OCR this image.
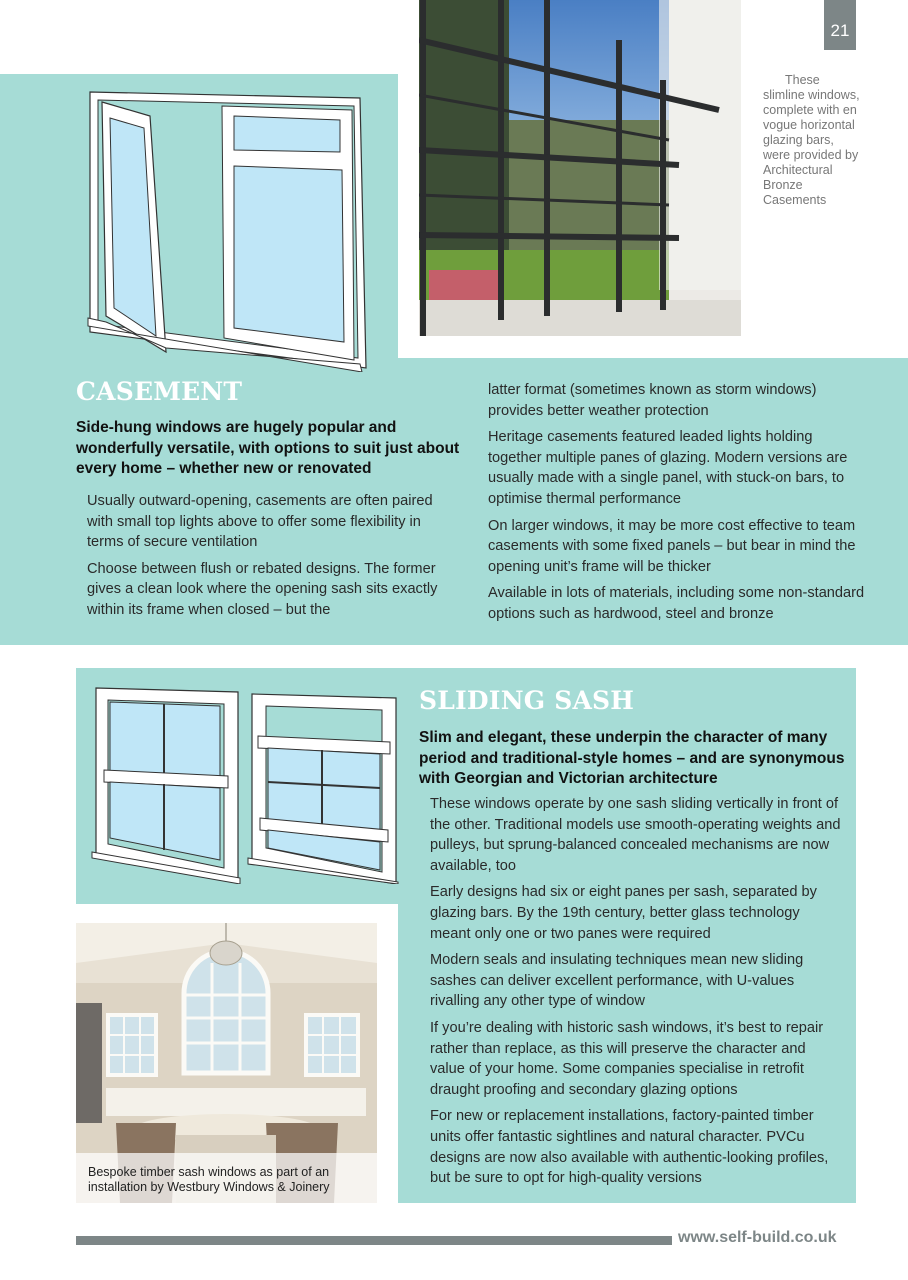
21
These slimline windows, complete with en vogue horizontal glazing bars, were provided by Architectural Bronze Casements
CASEMENT
Side-hung windows are hugely popular and wonderfully versatile, with options to suit just about every home – whether new or renovated

Usually outward-opening, casements are often paired with small top lights above to offer some flexibility in terms of secure ventilation

Choose between flush or rebated designs. The former gives a clean look where the opening sash sits exactly within its frame when closed – but the

latter format (sometimes known as storm windows) provides better weather protection

Heritage casements featured leaded lights holding together multiple panes of glazing. Modern versions are usually made with a single panel, with stuck-on bars, to optimise thermal performance

On larger windows, it may be more cost effective to team casements with some fixed panels – but bear in mind the opening unit’s frame will be thicker

Available in lots of materials, including some non-standard options such as hardwood, steel and bronze

SLIDING SASH
Slim and elegant, these underpin the character of many period and traditional-style homes – and are synonymous with Georgian and Victorian architecture

These windows operate by one sash sliding vertically in front of the other. Traditional models use smooth-operating weights and pulleys, but sprung-balanced concealed mechanisms are now available, too

Early designs had six or eight panes per sash, separated by glazing bars. By the 19th century, better glass technology meant only one or two panes were required

Modern seals and insulating techniques mean new sliding sashes can deliver excellent performance, with U-values rivalling any other type of window

If you’re dealing with historic sash windows, it’s best to repair rather than replace, as this will preserve the character and value of your home. Some companies specialise in retrofit draught proofing and secondary glazing options

For new or replacement installations, factory-painted timber units offer fantastic sightlines and natural character. PVCu designs are now also available with authentic-looking profiles, but be sure to opt for high-quality versions

Bespoke timber sash windows as part of an installation by Westbury Windows & Joinery
www.self-build.co.uk
